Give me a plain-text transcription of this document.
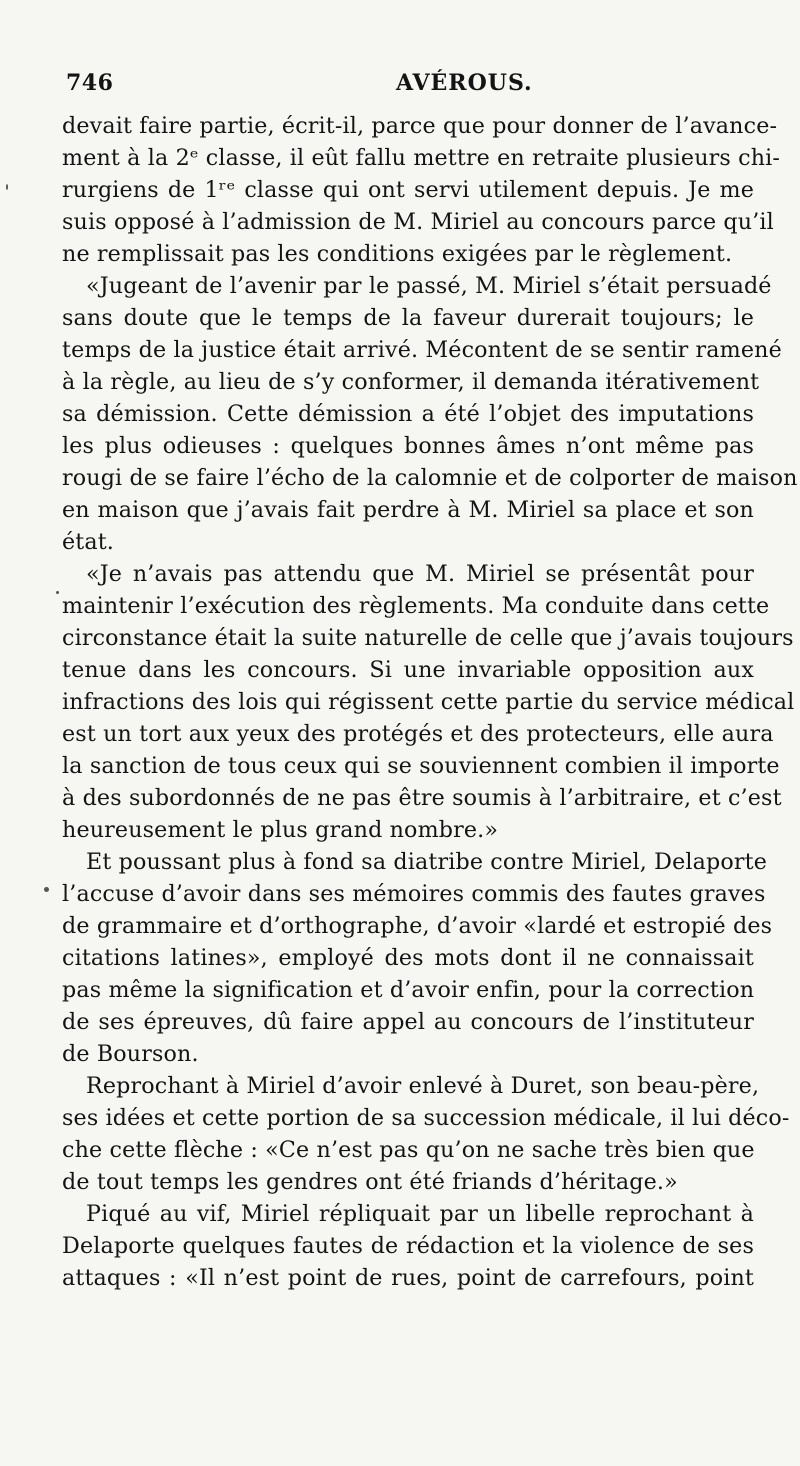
746	AVÉROUS.
devait faire partie, écrit-il, parce que pour donner de l’avance-
ment à la 2ᵉ classe, il eût fallu mettre en retraite plusieurs chi-
rurgiens de 1ʳᵉ classe qui ont servi utilement depuis. Je me
suis opposé à l’admission de M. Miriel au concours parce qu’il
ne remplissait pas les conditions exigées par le règlement.
«Jugeant de l’avenir par le passé, M. Miriel s’était persuadé
sans doute que le temps de la faveur durerait toujours; le
temps de la justice était arrivé. Mécontent de se sentir ramené
à la règle, au lieu de s’y conformer, il demanda itérativement
sa démission. Cette démission a été l’objet des imputations
les plus odieuses : quelques bonnes âmes n’ont même pas
rougi de se faire l’écho de la calomnie et de colporter de maison
en maison que j’avais fait perdre à M. Miriel sa place et son
état.
«Je n’avais pas attendu que M. Miriel se présentât pour
maintenir l’exécution des règlements. Ma conduite dans cette
circonstance était la suite naturelle de celle que j’avais toujours
tenue dans les concours. Si une invariable opposition aux
infractions des lois qui régissent cette partie du service médical
est un tort aux yeux des protégés et des protecteurs, elle aura
la sanction de tous ceux qui se souviennent combien il importe
à des subordonnés de ne pas être soumis à l’arbitraire, et c’est
heureusement le plus grand nombre.»
Et poussant plus à fond sa diatribe contre Miriel, Delaporte
l’accuse d’avoir dans ses mémoires commis des fautes graves
de grammaire et d’orthographe, d’avoir «lardé et estropié des
citations latines», employé des mots dont il ne connaissait
pas même la signification et d’avoir enfin, pour la correction
de ses épreuves, dû faire appel au concours de l’instituteur
de Bourson.
Reprochant à Miriel d’avoir enlevé à Duret, son beau-père,
ses idées et cette portion de sa succession médicale, il lui déco-
che cette flèche : «Ce n’est pas qu’on ne sache très bien que
de tout temps les gendres ont été friands d’héritage.»
Piqué au vif, Miriel répliquait par un libelle reprochant à
Delaporte quelques fautes de rédaction et la violence de ses
attaques : «Il n’est point de rues, point de carrefours, point
